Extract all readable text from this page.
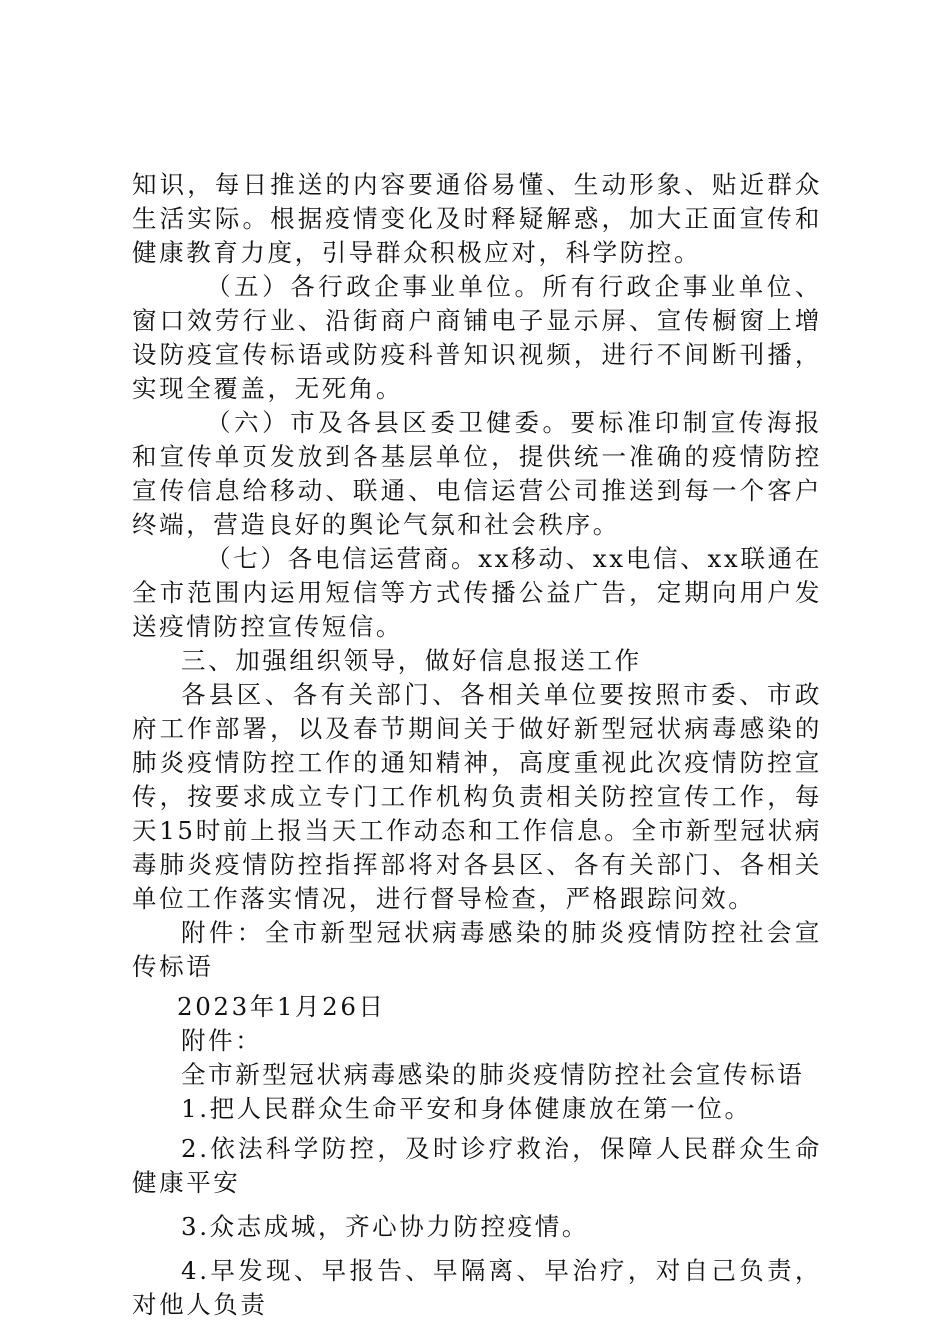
知识，每日推送的内容要通俗易懂、生动形象、贴近群众生活实际。根据疫情变化及时释疑解惑，加大正面宣传和健康教育力度，引导群众积极应对，科学防控。

（五）各行政企事业单位。所有行政企事业单位、窗口效劳行业、沿街商户商铺电子显示屏、宣传橱窗上增设防疫宣传标语或防疫科普知识视频，进行不间断刊播，实现全覆盖，无死角。

（六）市及各县区委卫健委。要标准印制宣传海报和宣传单页发放到各基层单位，提供统一准确的疫情防控宣传信息给移动、联通、电信运营公司推送到每一个客户终端，营造良好的舆论气氛和社会秩序。

（七）各电信运营商。xx移动、xx电信、xx联通在全市范围内运用短信等方式传播公益广告，定期向用户发送疫情防控宣传短信。

三、加强组织领导，做好信息报送工作

各县区、各有关部门、各相关单位要按照市委、市政府工作部署，以及春节期间关于做好新型冠状病毒感染的肺炎疫情防控工作的通知精神，高度重视此次疫情防控宣传，按要求成立专门工作机构负责相关防控宣传工作，每天15时前上报当天工作动态和工作信息。全市新型冠状病毒肺炎疫情防控指挥部将对各县区、各有关部门、各相关单位工作落实情况，进行督导检查，严格跟踪问效。

附件：全市新型冠状病毒感染的肺炎疫情防控社会宣传标语

2023年1月26日

附件：

全市新型冠状病毒感染的肺炎疫情防控社会宣传标语

1.把人民群众生命平安和身体健康放在第一位。

2.依法科学防控，及时诊疗救治，保障人民群众生命健康平安

3.众志成城，齐心协力防控疫情。

4.早发现、早报告、早隔离、早治疗，对自己负责，对他人负责
